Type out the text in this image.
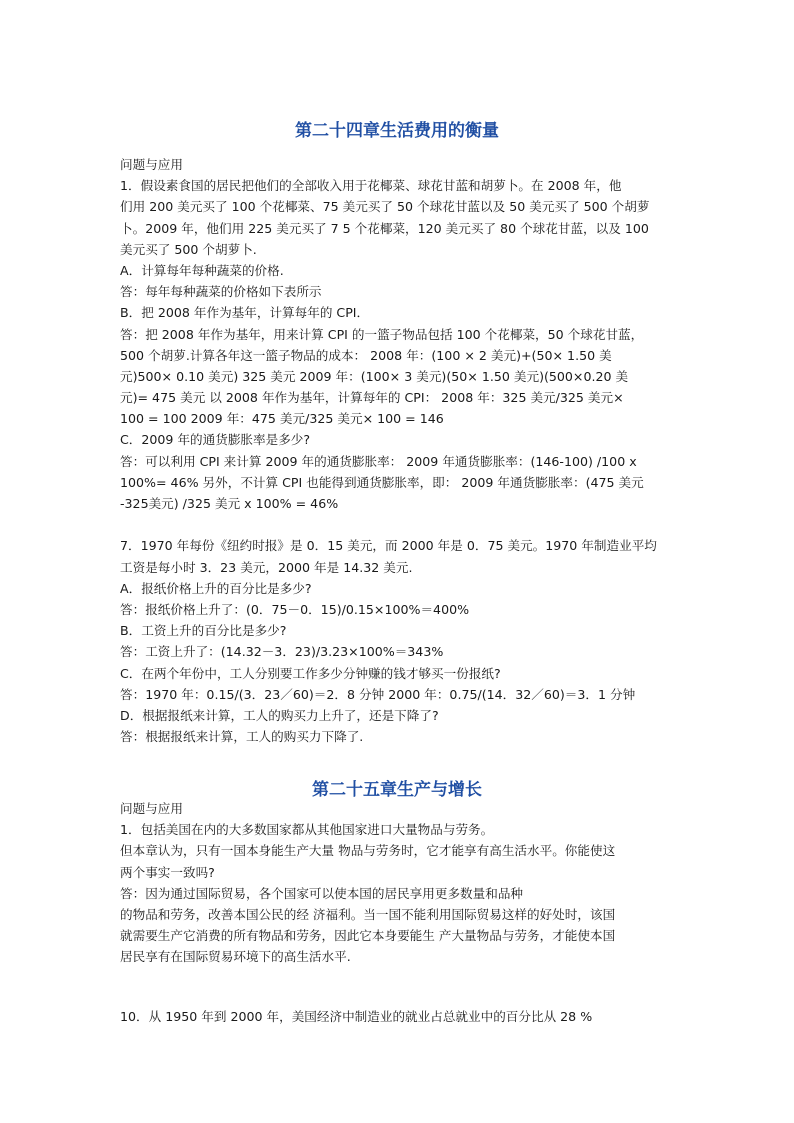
第二十四章生活费用的衡量
问题与应用
1．假设素食国的居民把他们的全部收入用于花椰菜、球花甘蓝和胡萝卜。在 2008 年，他
们用 200 美元买了 100 个花椰菜、75 美元买了 50 个球花甘蓝以及 50 美元买了 500 个胡萝
卜。2009 年，他们用 225 美元买了 7 5 个花椰菜，120 美元买了 80 个球花甘蓝，以及 100
美元买了 500 个胡萝卜.
A．计算每年每种蔬菜的价格.
答：每年每种蔬菜的价格如下表所示
B．把 2008 年作为基年，计算每年的 CPI．
答：把 2008 年作为基年，用来计算 CPI 的一篮子物品包括 100 个花椰菜，50 个球花甘蓝，
500 个胡萝.计算各年这一篮子物品的成本： 2008 年：(100 × 2 美元)+(50× 1.50 美
元)500× 0.10 美元) 325 美元 2009 年：(100× 3 美元)(50× 1.50 美元)(500×0.20 美
元)= 475 美元 以 2008 年作为基年，计算每年的 CPI： 2008 年：325 美元/325 美元×
100 = 100 2009 年：475 美元/325 美元× 100 = 146
C．2009 年的通货膨胀率是多少?
答：可以利用 CPI 来计算 2009 年的通货膨胀率： 2009 年通货膨胀率：(146-100) /100 x
100%= 46% 另外，不计算 CPI 也能得到通货膨胀率，即： 2009 年通货膨胀率：(475 美元
-325美元) /325 美元 x 100% = 46%
7．1970 年每份《纽约时报》是 0．15 美元，而 2000 年是 0．75 美元。1970 年制造业平均
工资是每小时 3．23 美元，2000 年是 14.32 美元.
A．报纸价格上升的百分比是多少?
答：报纸价格上升了：(0．75－0．15)/0.15×100%＝400%
B．工资上升的百分比是多少?
答：工资上升了：(14.32－3．23)/3.23×100%＝343%
C．在两个年份中，工人分别要工作多少分钟赚的钱才够买一份报纸?
答：1970 年：0.15/(3．23／60)＝2．8 分钟 2000 年：0.75/(14．32／60)＝3．1 分钟
D．根据报纸来计算，工人的购买力上升了，还是下降了?
答：根据报纸来计算，工人的购买力下降了.
第二十五章生产与增长
问题与应用
1．包括美国在内的大多数国家都从其他国家进口大量物品与劳务。
但本章认为，只有一国本身能生产大量 物品与劳务时，它才能享有高生活水平。你能使这
两个事实一致吗?
答：因为通过国际贸易，各个国家可以使本国的居民享用更多数量和品种
的物品和劳务，改善本国公民的经 济福利。当一国不能利用国际贸易这样的好处时，该国
就需要生产它消费的所有物品和劳务，因此它本身要能生 产大量物品与劳务，才能使本国
居民享有在国际贸易环境下的高生活水平.
10．从 1950 年到 2000 年，美国经济中制造业的就业占总就业中的百分比从 28 %
